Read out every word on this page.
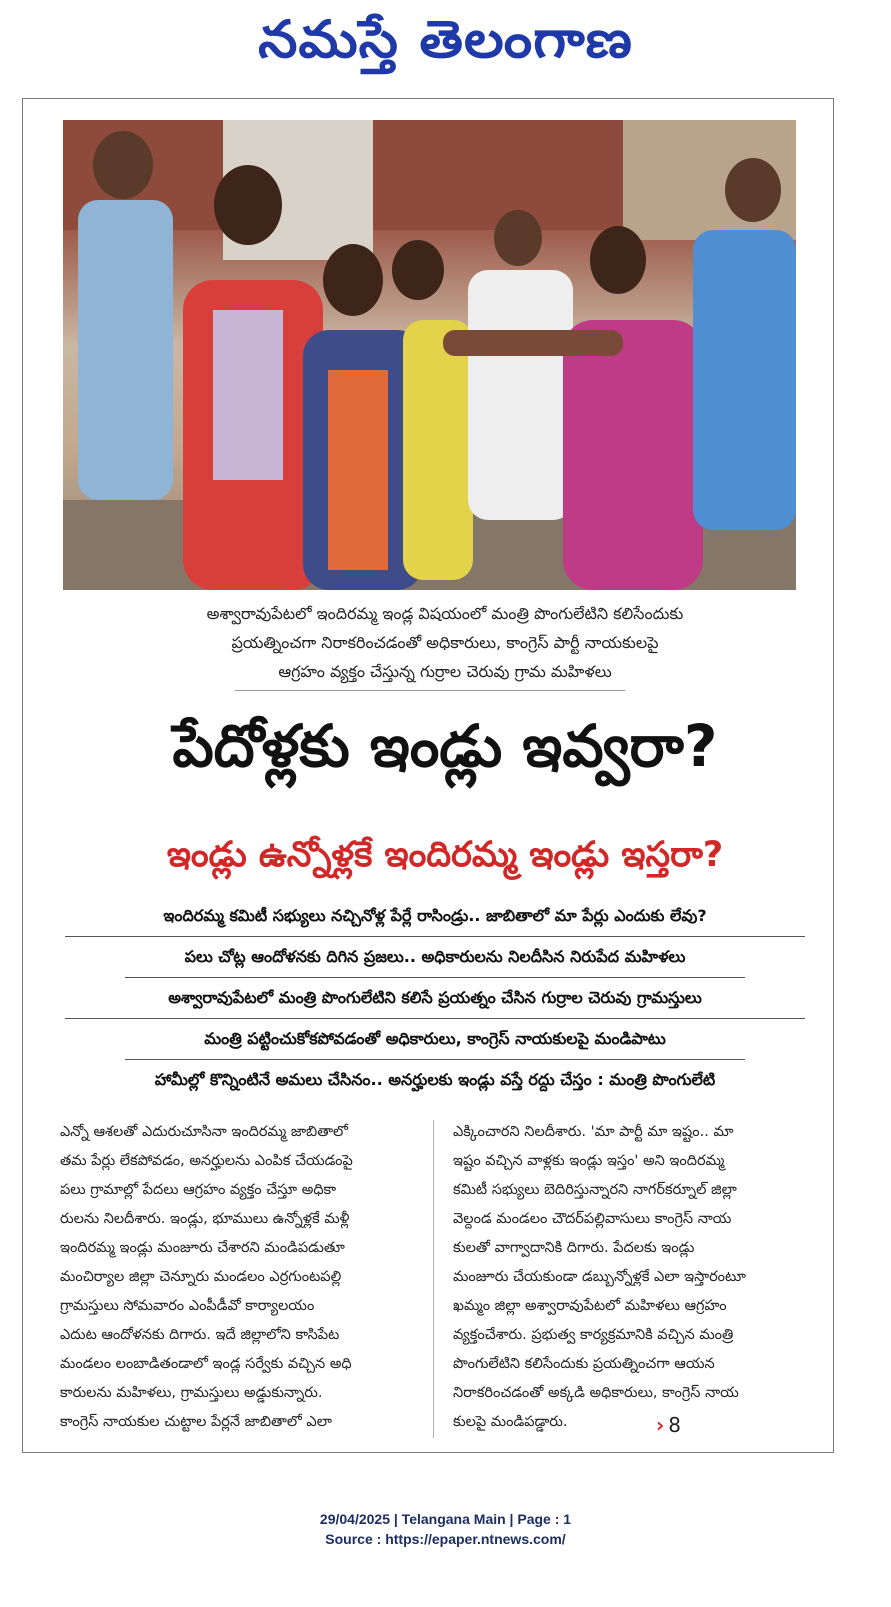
నమస్తే తెలంగాణ
అశ్వారావుపేటలో ఇందిరమ్మ ఇండ్ల విషయంలో మంత్రి పొంగులేటిని కలిసేందుకు
ప్రయత్నించగా నిరాకరించడంతో అధికారులు, కాంగ్రెస్ పార్టీ నాయకులపై
ఆగ్రహం వ్యక్తం చేస్తున్న గుర్రాల చెరువు గ్రామ మహిళలు
పేదోళ్లకు ఇండ్లు ఇవ్వరా?
ఇండ్లు ఉన్నోళ్లకే ఇందిరమ్మ ఇండ్లు ఇస్తరా?
ఇందిరమ్మ కమిటీ సభ్యులు నచ్చినోళ్ల పేర్లే రాసిండ్రు.. జాబితాలో మా పేర్లు ఎందుకు లేవు?
పలు చోట్ల ఆందోళనకు దిగిన ప్రజలు.. అధికారులను నిలదీసిన నిరుపేద మహిళలు
అశ్వారావుపేటలో మంత్రి పొంగులేటిని కలిసే ప్రయత్నం చేసిన గుర్రాల చెరువు గ్రామస్తులు
మంత్రి పట్టించుకోకపోవడంతో అధికారులు, కాంగ్రెస్ నాయకులపై మండిపాటు
హామీల్లో కొన్నింటినే అమలు చేసినం.. అనర్హులకు ఇండ్లు వస్తే రద్దు చేస్తం : మంత్రి పొంగులేటి
ఎన్నో ఆశలతో ఎదురుచూసినా ఇందిరమ్మ జాబితాలో
తమ పేర్లు లేకపోవడం, అనర్హులను ఎంపిక చేయడంపై
పలు గ్రామాల్లో పేదలు ఆగ్రహం వ్యక్తం చేస్తూ అధికా
రులను నిలదీశారు. ఇండ్లు, భూములు ఉన్నోళ్లకే మళ్లీ
ఇందిరమ్మ ఇండ్లు మంజూరు చేశారని మండిపడుతూ
మంచిర్యాల జిల్లా చెన్నూరు మండలం ఎర్రగుంటపల్లి
గ్రామస్తులు సోమవారం ఎంపీడీవో కార్యాలయం
ఎదుట ఆందోళనకు దిగారు. ఇదే జిల్లాలోని కాసిపేట
మండలం లంబాడితండాలో ఇండ్ల సర్వేకు వచ్చిన అధి
కారులను మహిళలు, గ్రామస్తులు అడ్డుకున్నారు.
కాంగ్రెస్ నాయకుల చుట్టాల పేర్లనే జాబితాలో ఎలా
ఎక్కించారని నిలదీశారు. 'మా పార్టీ మా ఇష్టం.. మా
ఇష్టం వచ్చిన వాళ్లకు ఇండ్లు ఇస్తం' అని ఇందిరమ్మ
కమిటీ సభ్యులు బెదిరిస్తున్నారని నాగర్‌కర్నూల్ జిల్లా
వెల్దండ మండలం చౌదర్‌పల్లివాసులు కాంగ్రెస్ నాయ
కులతో వాగ్వాదానికి దిగారు. పేదలకు ఇండ్లు
మంజూరు చేయకుండా డబ్బున్నోళ్లకే ఎలా ఇస్తారంటూ
ఖమ్మం జిల్లా అశ్వారావుపేటలో మహిళలు ఆగ్రహం
వ్యక్తంచేశారు. ప్రభుత్వ కార్యక్రమానికి వచ్చిన మంత్రి
పొంగులేటిని కలిసేందుకు ప్రయత్నించగా ఆయన
నిరాకరించడంతో అక్కడి అధికారులు, కాంగ్రెస్ నాయ
కులపై మండిపడ్డారు.	› 8
29/04/2025 | Telangana Main | Page : 1
Source : https://epaper.ntnews.com/
